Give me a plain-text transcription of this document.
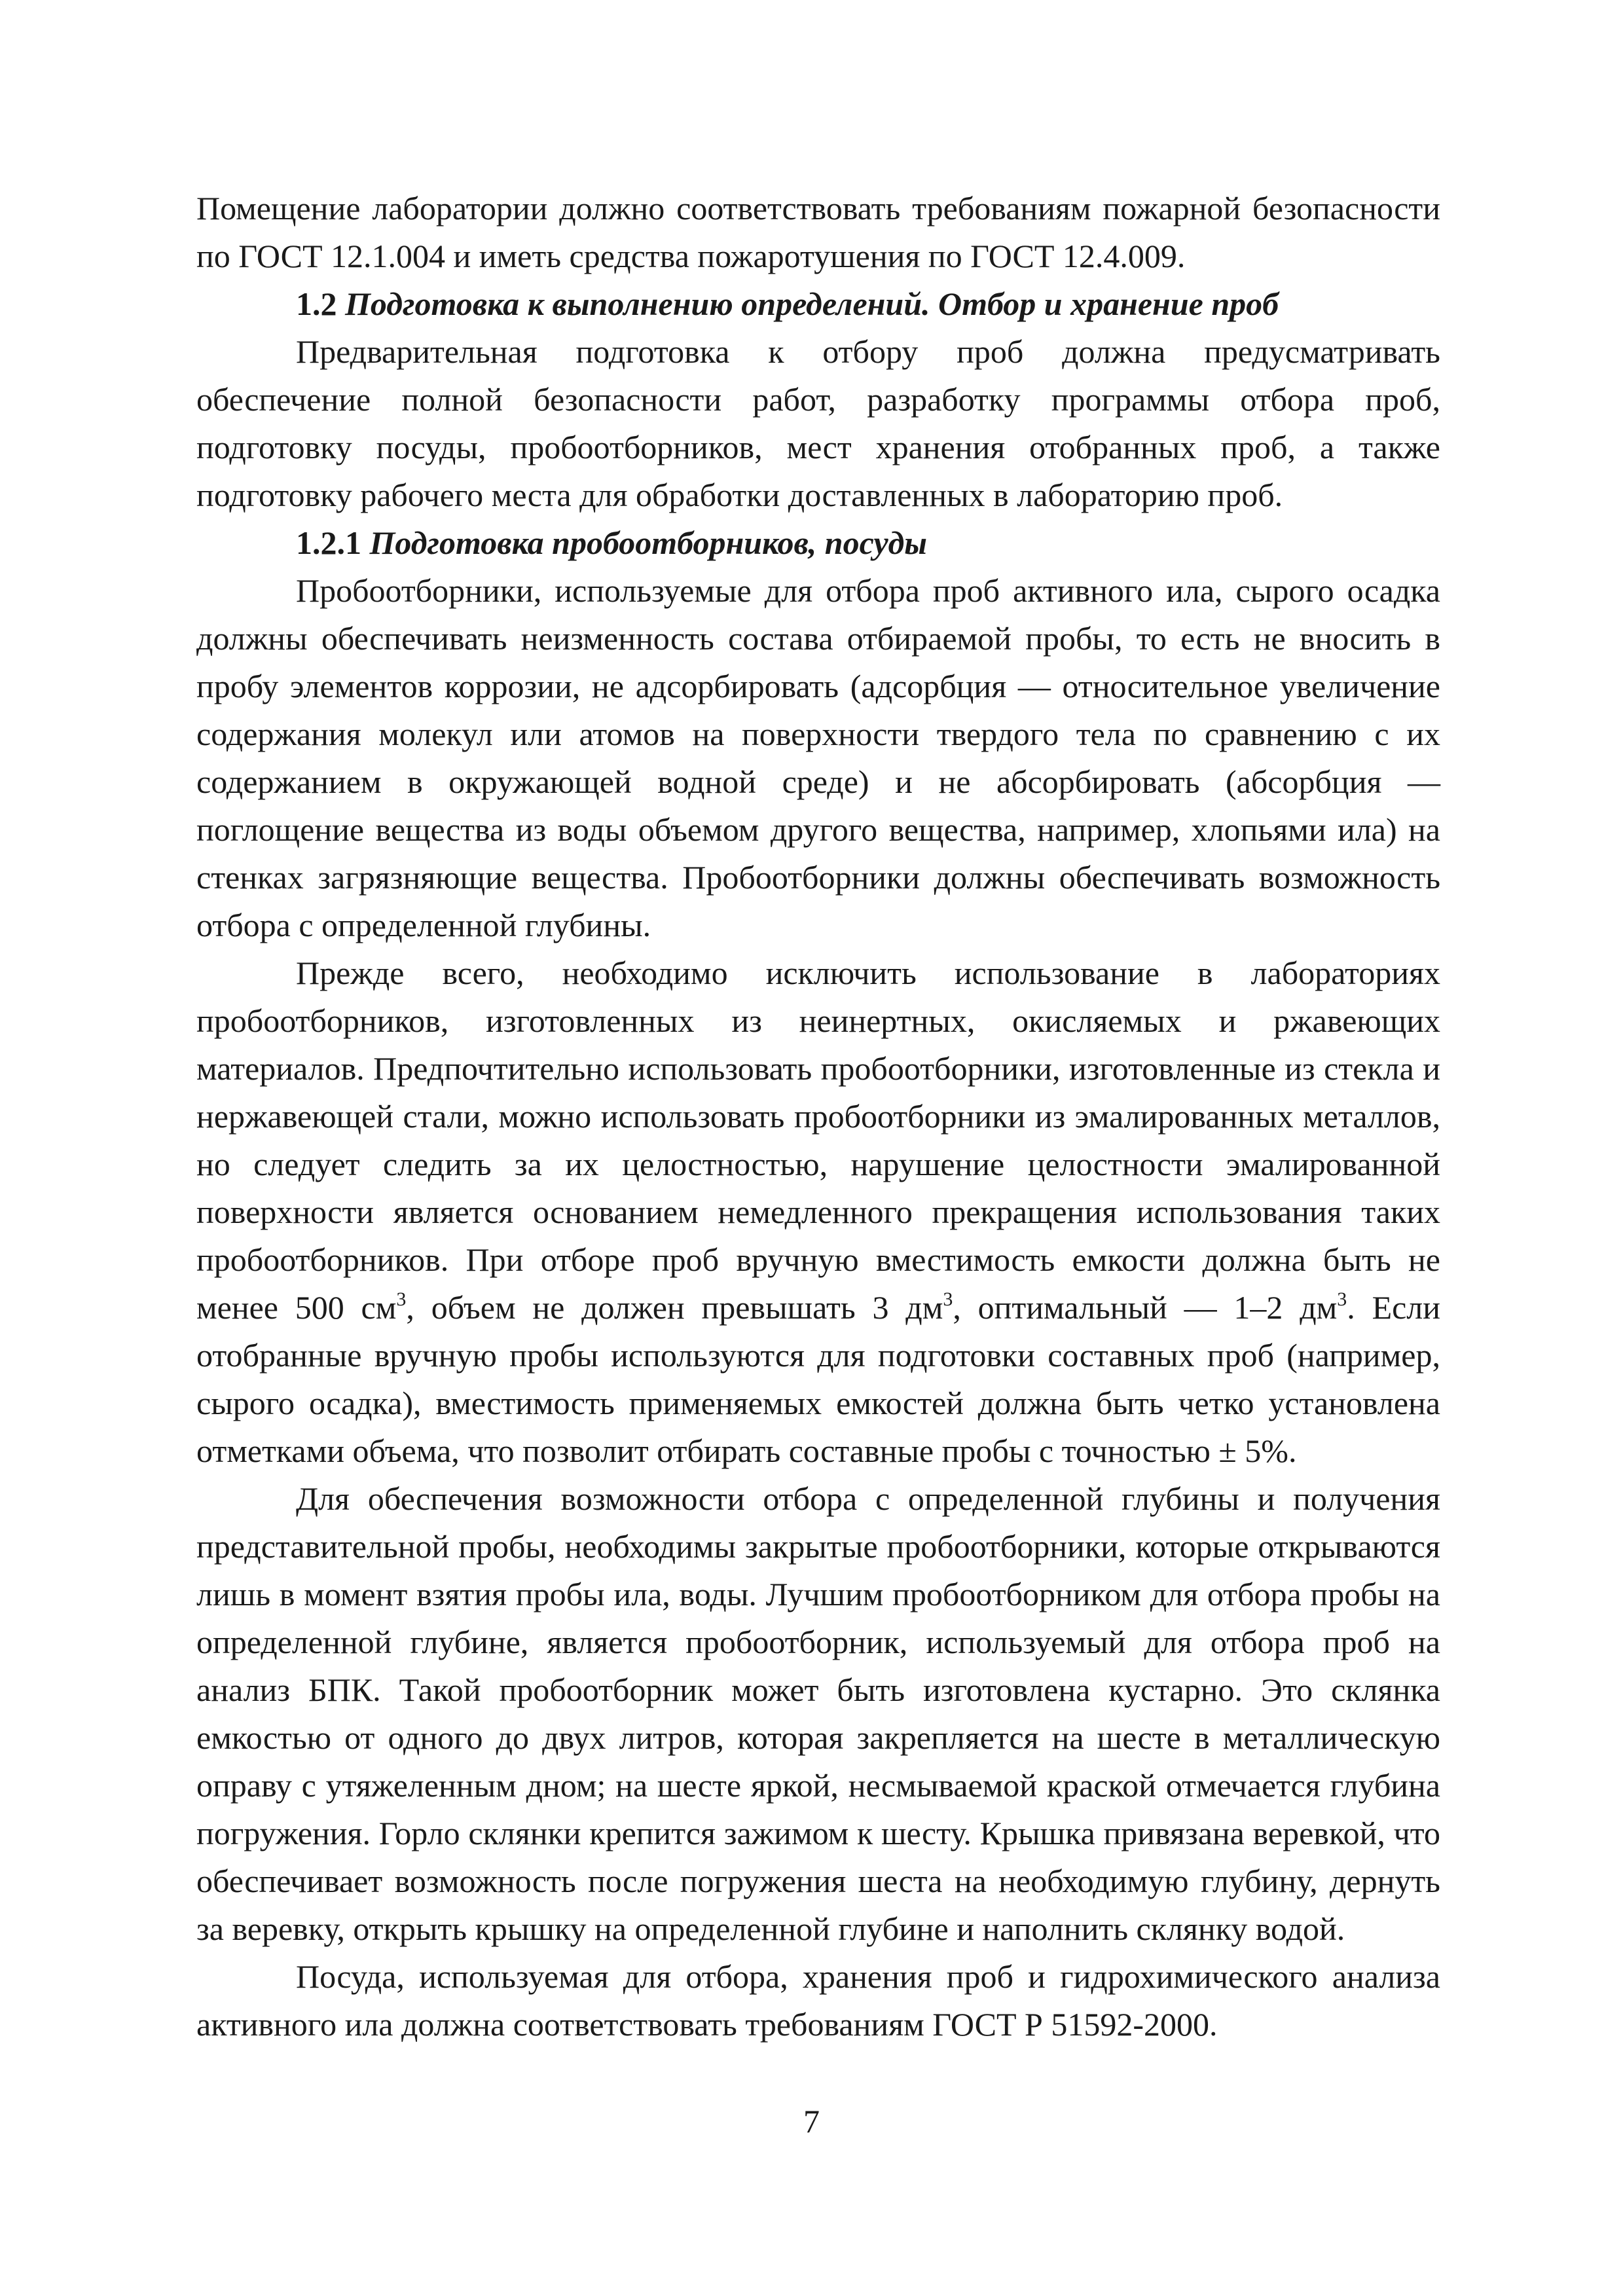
Помещение лаборатории должно соответствовать требованиям пожарной безопасности по ГОСТ 12.1.004 и иметь средства пожаротушения по ГОСТ 12.4.009.

1.2 Подготовка к выполнению определений. Отбор и хранение проб

Предварительная подготовка к отбору проб должна предусматривать обеспечение полной безопасности работ, разработку программы отбора проб, подготовку посуды, пробоотборников, мест хранения отобранных проб, а также подготовку рабочего места для обработки доставленных в лабораторию проб.

1.2.1 Подготовка пробоотборников, посуды

Пробоотборники, используемые для отбора проб активного ила, сырого осадка должны обеспечивать неизменность состава отбираемой пробы, то есть не вносить в пробу элементов коррозии, не адсорбировать (адсорбция — относительное увеличение содержания молекул или атомов на поверхности твердого тела по сравнению с их содержанием в окружающей водной среде) и не абсорбировать (абсорбция — поглощение вещества из воды объемом другого вещества, например, хлопьями ила) на стенках загрязняющие вещества. Пробоотборники должны обеспечивать возможность отбора с определенной глубины.

Прежде всего, необходимо исключить использование в лабораториях пробоотборников, изготовленных из неинертных, окисляемых и ржавеющих материалов. Предпочтительно использовать пробоотборники, изготовленные из стекла и нержавеющей стали, можно использовать пробоотборники из эмалированных металлов, но следует следить за их целостностью, нарушение целостности эмалированной поверхности является основанием немедленного прекращения использования таких пробоотборников. При отборе проб вручную вместимость емкости должна быть не менее 500 $см^3$, объем не должен превышать 3 $дм^3$, оптимальный — 1–2 $дм^3$. Если отобранные вручную пробы используются для подготовки составных проб (например, сырого осадка), вместимость применяемых емкостей должна быть четко установлена отметками объема, что позволит отбирать составные пробы с точностью ± 5%.

Для обеспечения возможности отбора с определенной глубины и получения представительной пробы, необходимы закрытые пробоотборники, которые открываются лишь в момент взятия пробы ила, воды. Лучшим пробоотборником для отбора пробы на определенной глубине, является пробоотборник, используемый для отбора проб на анализ БПК. Такой пробоотборник может быть изготовлена кустарно. Это склянка емкостью от одного до двух литров, которая закрепляется на шесте в металлическую оправу с утяжеленным дном; на шесте яркой, несмываемой краской отмечается глубина погружения. Горло склянки крепится зажимом к шесту. Крышка привязана веревкой, что обеспечивает возможность после погружения шеста на необходимую глубину, дернуть за веревку, открыть крышку на определенной глубине и наполнить склянку водой.

Посуда, используемая для отбора, хранения проб и гидрохимического анализа активного ила должна соответствовать требованиям ГОСТ Р 51592-2000.

7
